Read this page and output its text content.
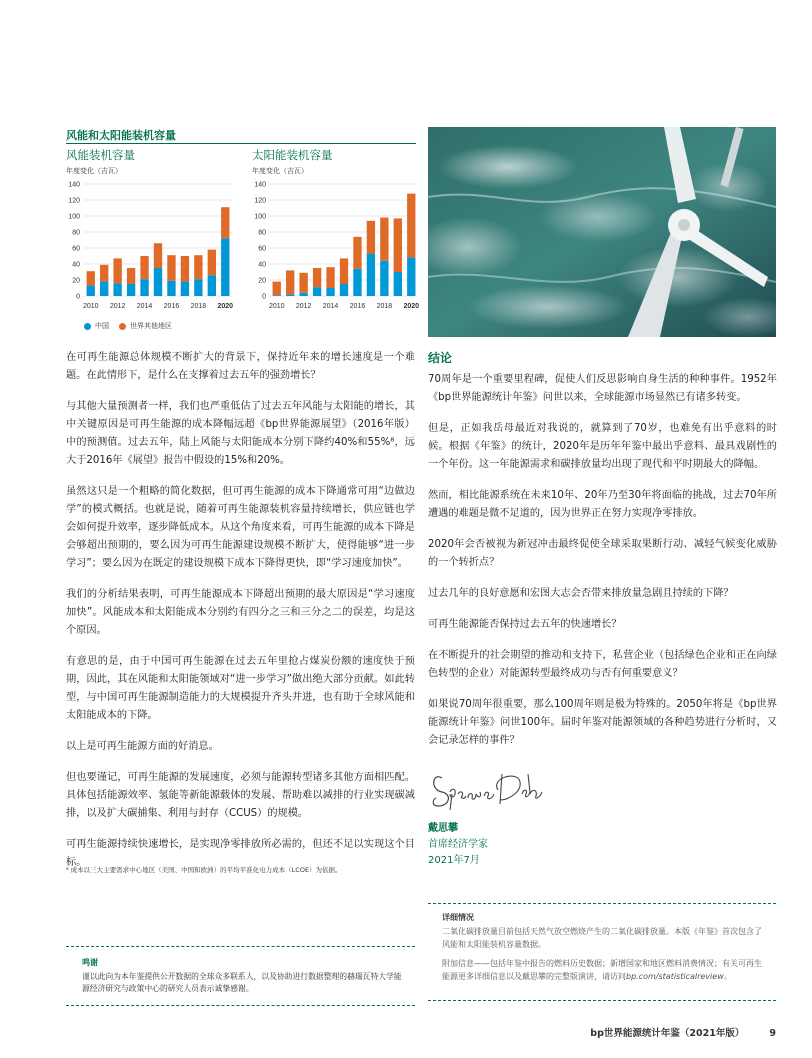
风能和太阳能装机容量
风能装机容量
年度变化（吉瓦）
0
20
40
60
80
100
120
140
2010 2012 2014 2016 2018 2020
太阳能装机容量
年度变化（吉瓦）
0
20
40
60
80
100
120
140
2010 2012 2014 2016 2018 2020
中国	世界其他地区

在可再生能源总体规模不断扩大的背景下，保持近年来的增长速度是一个难题。在此情形下，是什么在支撑着过去五年的强劲增长？

与其他大量预测者一样，我们也严重低估了过去五年风能与太阳能的增长，其中关键原因是可再生能源的成本降幅远超《bp世界能源展望》（2016年版）中的预测值。过去五年，陆上风能与太阳能成本分别下降约40%和55%⁸，远大于2016年《展望》报告中假设的15%和20%。

虽然这只是一个粗略的简化数据，但可再生能源的成本下降通常可用“边做边学”的模式概括。也就是说，随着可再生能源装机容量持续增长，供应链也学会如何提升效率，逐步降低成本。从这个角度来看，可再生能源的成本下降是会够超出预期的，要么因为可再生能源建设规模不断扩大，使得能够“进一步学习”；要么因为在既定的建设规模下成本下降得更快，即“学习速度加快”。

我们的分析结果表明，可再生能源成本下降超出预期的最大原因是“学习速度加快”。风能成本和太阳能成本分别约有四分之三和三分之二的误差，均是这个原因。

有意思的是，由于中国可再生能源在过去五年里抢占煤炭份额的速度快于预期，因此，其在风能和太阳能领域对“进一步学习”做出绝大部分贡献。如此转型，与中国可再生能源制造能力的大规模提升齐头并进，也有助于全球风能和太阳能成本的下降。

以上是可再生能源方面的好消息。

但也要谨记，可再生能源的发展速度，必须与能源转型诸多其他方面相匹配。具体包括能源效率、氢能等新能源载体的发展、帮助难以减排的行业实现碳减排，以及扩大碳捕集、利用与封存（CCUS）的规模。

可再生能源持续快速增长，是实现净零排放所必需的，但还不足以实现这个目标。

⁸ 成本以三大主要需求中心地区（美国、中国和欧洲）的平均平准化电力成本（LCOE）为依据。
结论

70周年是一个重要里程碑，促使人们反思影响自身生活的种种事件。1952年《bp世界能源统计年鉴》问世以来，全球能源市场显然已有诸多转变。

但是，正如我岳母最近对我说的，就算到了70岁，也难免有出乎意料的时候。根据《年鉴》的统计，2020年是历年年鉴中最出乎意料、最具戏剧性的一个年份。这一年能源需求和碳排放量均出现了现代和平时期最大的降幅。

然而，相比能源系统在未来10年、20年乃至30年将面临的挑战，过去70年所遭遇的难题是微不足道的，因为世界正在努力实现净零排放。

2020年会否被视为新冠冲击最终促使全球采取果断行动、减轻气候变化威胁的一个转折点？

过去几年的良好意愿和宏图大志会否带来排放量急剧且持续的下降？

可再生能源能否保持过去五年的快速增长？

在不断提升的社会期望的推动和支持下，私营企业（包括绿色企业和正在向绿色转型的企业）对能源转型最终成功与否有何重要意义？

如果说70周年很重要，那么100周年则是极为特殊的。2050年将是《bp世界能源统计年鉴》问世100年。届时年鉴对能源领域的各种趋势进行分析时，又会记录怎样的事件？

戴思攀
首席经济学家
2021年7月
详细情况
二氧化碳排放量目前包括天然气放空燃烧产生的二氧化碳排放量。本版《年鉴》首次包含了风能和太阳能装机容量数据。
附加信息——包括年鉴中报告的燃料历史数据；新增国家和地区燃料消费情况；有关可再生能源更多详细信息以及戴思攀的完整版演讲，请访问bp.com/statisticalreview。
鸣谢
谨以此向为本年鉴提供公开数据的全球众多联系人，以及协助进行数据整理的赫瑞瓦特大学能源经济研究与政策中心的研究人员表示诚挚感谢。
bp世界能源统计年鉴（2021年版）	9
